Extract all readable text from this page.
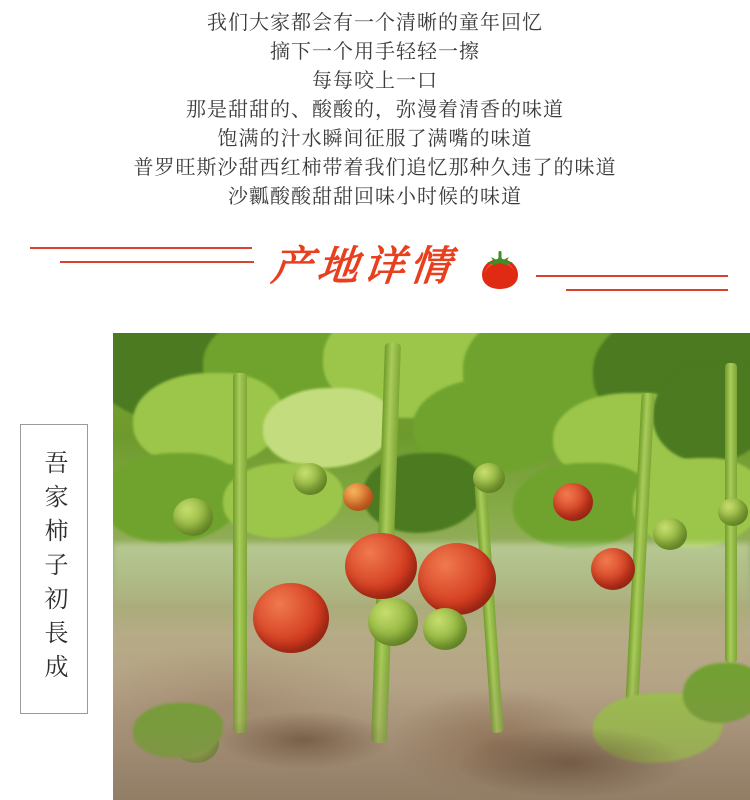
我们大家都会有一个清晰的童年回忆
摘下一个用手轻轻一擦
每每咬上一口
那是甜甜的、酸酸的，弥漫着清香的味道
饱满的汁水瞬间征服了满嘴的味道
普罗旺斯沙甜西红柿带着我们追忆那种久违了的味道
沙瓤酸酸甜甜回味小时候的味道
产地详情
吾家柿子初長成
